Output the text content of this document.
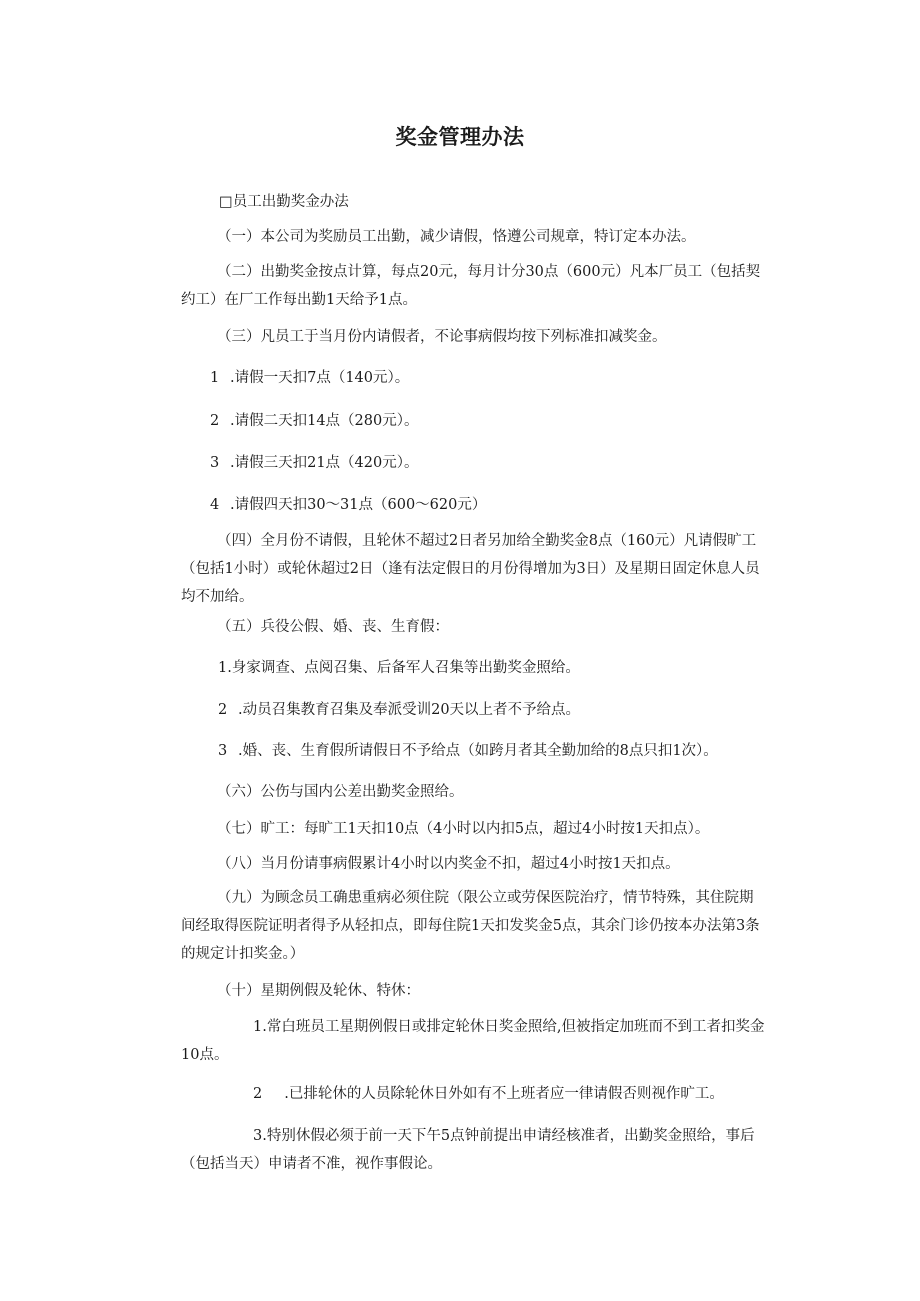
奖金管理办法

□员工出勤奖金办法

（一）本公司为奖励员工出勤，减少请假，恪遵公司规章，特订定本办法。

（二）出勤奖金按点计算，每点20元，每月计分30点（600元）凡本厂员工（包括契约工）在厂工作每出勤1天给予1点。

（三）凡员工于当月份内请假者，不论事病假均按下列标准扣减奖金。

1 .请假一天扣7点（140元）。

2 .请假二天扣14点（280元）。

3 .请假三天扣21点（420元）。

4 .请假四天扣30～31点（600～620元）

（四）全月份不请假，且轮休不超过2日者另加给全勤奖金8点（160元）凡请假旷工（包括1小时）或轮休超过2日（逢有法定假日的月份得增加为3日）及星期日固定休息人员均不加给。

（五）兵役公假、婚、丧、生育假：

1.身家调查、点阅召集、后备军人召集等出勤奖金照给。

2 .动员召集教育召集及奉派受训20天以上者不予给点。

3 .婚、丧、生育假所请假日不予给点（如跨月者其全勤加给的8点只扣1次）。

（六）公伤与国内公差出勤奖金照给。

（七）旷工：每旷工1天扣10点（4小时以内扣5点，超过4小时按1天扣点）。

（八）当月份请事病假累计4小时以内奖金不扣，超过4小时按1天扣点。

（九）为顾念员工确患重病必须住院（限公立或劳保医院治疗，情节特殊，其住院期间经取得医院证明者得予从轻扣点，即每住院1天扣发奖金5点，其余门诊仍按本办法第3条的规定计扣奖金。）

（十）星期例假及轮休、特休：

1.常白班员工星期例假日或排定轮休日奖金照给,但被指定加班而不到工者扣奖金10点。

2 .已排轮休的人员除轮休日外如有不上班者应一律请假否则视作旷工。

3.特别休假必须于前一天下午5点钟前提出申请经核准者，出勤奖金照给，事后（包括当天）申请者不准，视作事假论。
